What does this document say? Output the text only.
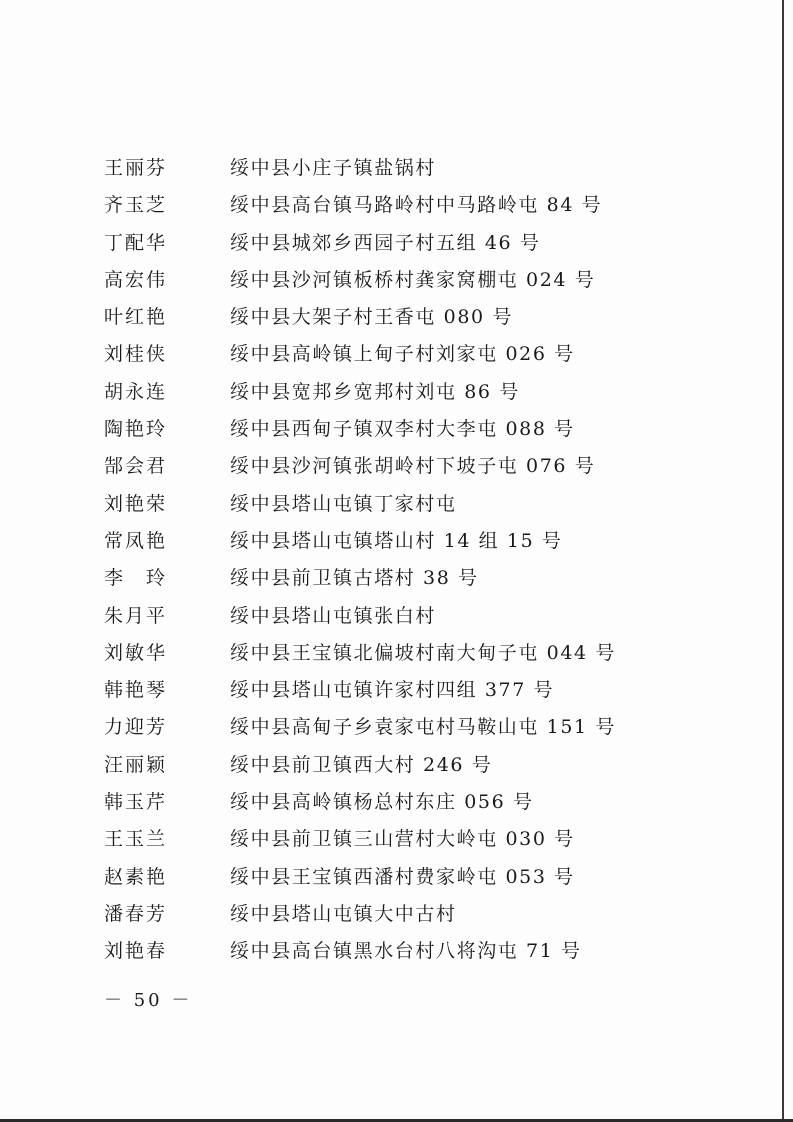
王丽芬	绥中县小庄子镇盐锅村
齐玉芝	绥中县高台镇马路岭村中马路岭屯 84 号
丁配华	绥中县城郊乡西园子村五组 46 号
高宏伟	绥中县沙河镇板桥村龚家窝棚屯 024 号
叶红艳	绥中县大架子村王香屯 080 号
刘桂侠	绥中县高岭镇上甸子村刘家屯 026 号
胡永连	绥中县宽邦乡宽邦村刘屯 86 号
陶艳玲	绥中县西甸子镇双李村大李屯 088 号
郜会君	绥中县沙河镇张胡岭村下坡子屯 076 号
刘艳荣	绥中县塔山屯镇丁家村屯
常凤艳	绥中县塔山屯镇塔山村 14 组 15 号
李　玲	绥中县前卫镇古塔村 38 号
朱月平	绥中县塔山屯镇张白村
刘敏华	绥中县王宝镇北偏坡村南大甸子屯 044 号
韩艳琴	绥中县塔山屯镇许家村四组 377 号
力迎芳	绥中县高甸子乡袁家屯村马鞍山屯 151 号
汪丽颖	绥中县前卫镇西大村 246 号
韩玉芹	绥中县高岭镇杨总村东庄 056 号
王玉兰	绥中县前卫镇三山营村大岭屯 030 号
赵素艳	绥中县王宝镇西潘村费家岭屯 053 号
潘春芳	绥中县塔山屯镇大中古村
刘艳春	绥中县高台镇黑水台村八将沟屯 71 号
－ 50 －
